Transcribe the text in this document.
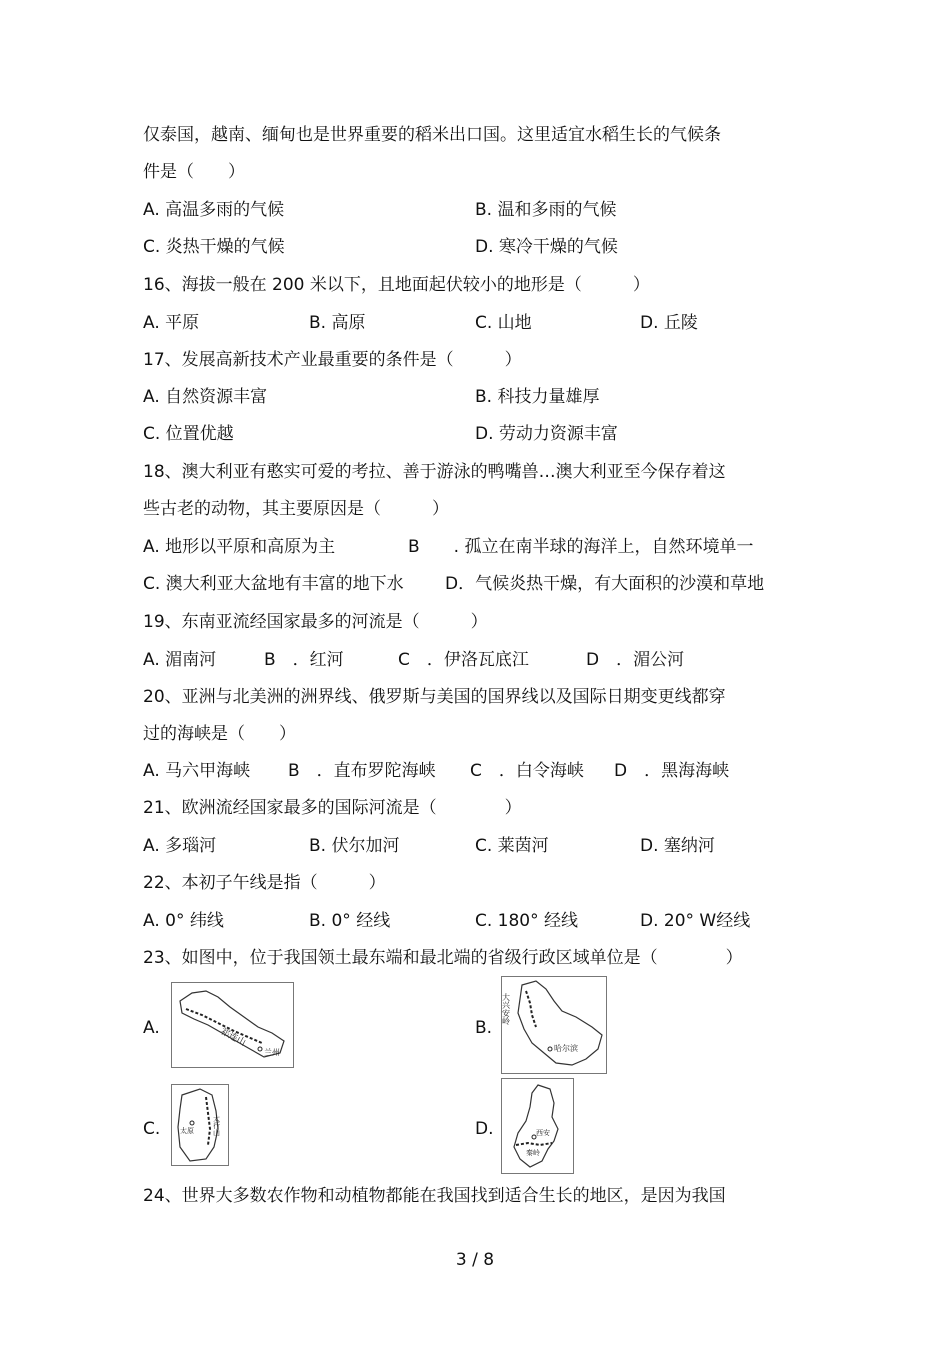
仅泰国，越南、缅甸也是世界重要的稻米出口国。这里适宜水稻生长的气候条
件是（　　）
A. 高温多雨的气候	B. 温和多雨的气候
C. 炎热干燥的气候	D. 寒冷干燥的气候
16、海拔一般在 200 米以下，且地面起伏较小的地形是（　　　）
A. 平原	B. 高原	C. 山地	D. 丘陵
17、发展高新技术产业最重要的条件是（　　　）
A. 自然资源丰富	B. 科技力量雄厚
C. 位置优越	D. 劳动力资源丰富
18、澳大利亚有憨实可爱的考拉、善于游泳的鸭嘴兽…澳大利亚至今保存着这
些古老的动物，其主要原因是（　　　）
A. 地形以平原和高原为主	B　　. 孤立在南半球的海洋上，自然环境单一
C. 澳大利亚大盆地有丰富的地下水 D．气候炎热干燥，有大面积的沙漠和草地
19、东南亚流经国家最多的河流是（　　　）
A. 湄南河	B　．红河	C　．伊洛瓦底江	D　．湄公河
20、亚洲与北美洲的洲界线、俄罗斯与美国的国界线以及国际日期变更线都穿
过的海峡是（　　）
A. 马六甲海峡 B　．直布罗陀海峡 C　．白令海峡 D　．黑海海峡
21、欧洲流经国家最多的国际河流是（　　　　）
A. 多瑙河	B. 伏尔加河	C. 莱茵河	D. 塞纳河
22、本初子午线是指（　　　）
A. 0° 纬线	B. 0° 经线	C. 180° 经线	D. 20° W经线
23、如图中，位于我国领土最东端和最北端的省级行政区域单位是（　　　　）
A.	祁连山
兰州
B.
大兴安岭
哈尔滨
C.	太原	太行山	D.	西安
秦岭
24、世界大多数农作物和动植物都能在我国找到适合生长的地区，是因为我国
3 / 8
